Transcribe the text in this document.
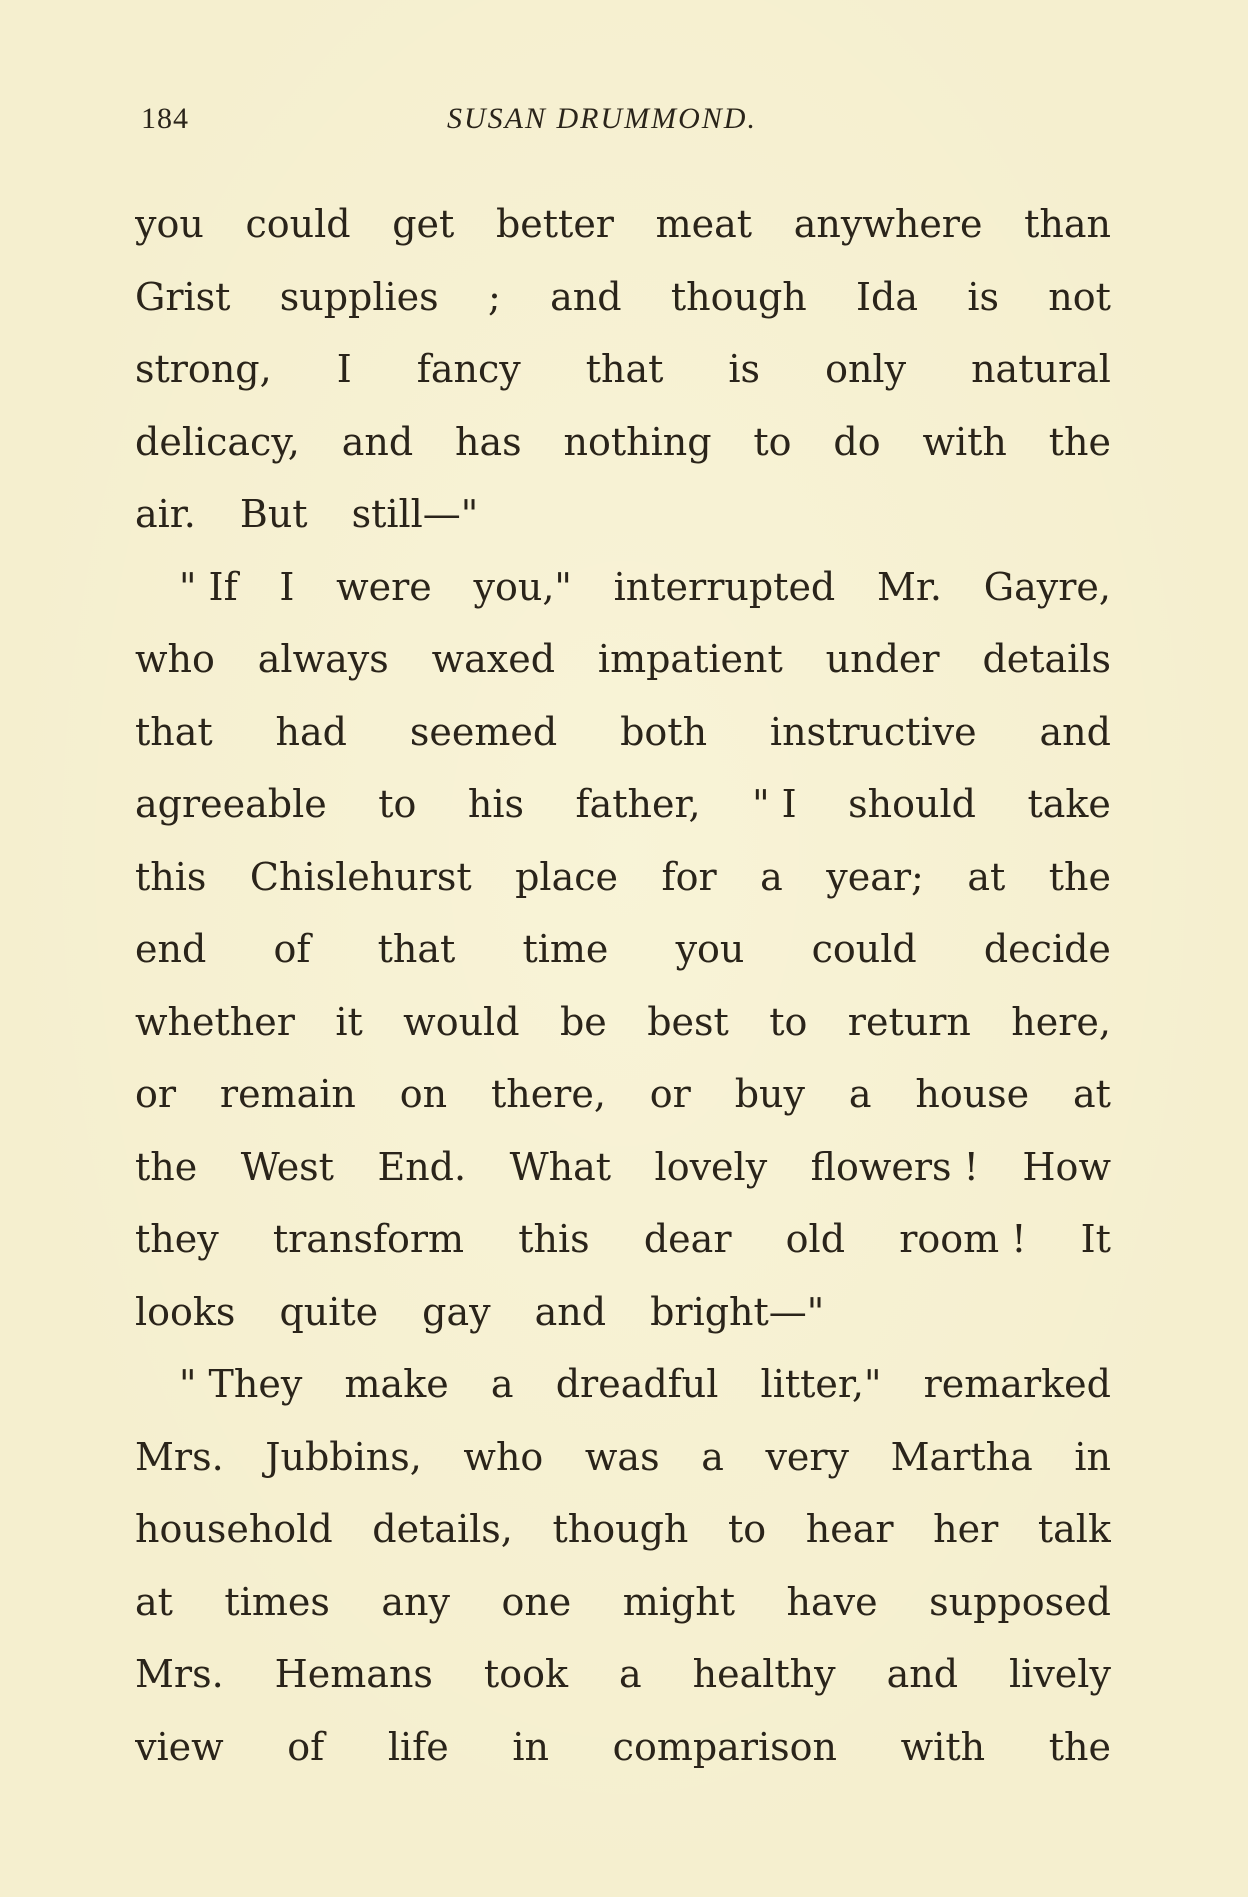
184	SUSAN DRUMMOND.
you could get better meat anywhere than
Grist supplies ; and though Ida is not
strong, I fancy that is only natural
delicacy, and has nothing to do with the
air. But still—"
" If I were you," interrupted Mr. Gayre,
who always waxed impatient under details
that had seemed both instructive and
agreeable to his father, " I should take
this Chislehurst place for a year; at the
end of that time you could decide
whether it would be best to return here,
or remain on there, or buy a house at
the West End. What lovely flowers ! How
they transform this dear old room ! It
looks quite gay and bright—"
" They make a dreadful litter," remarked
Mrs. Jubbins, who was a very Martha in
household details, though to hear her talk
at times any one might have supposed
Mrs. Hemans took a healthy and lively
view of life in comparison with the
